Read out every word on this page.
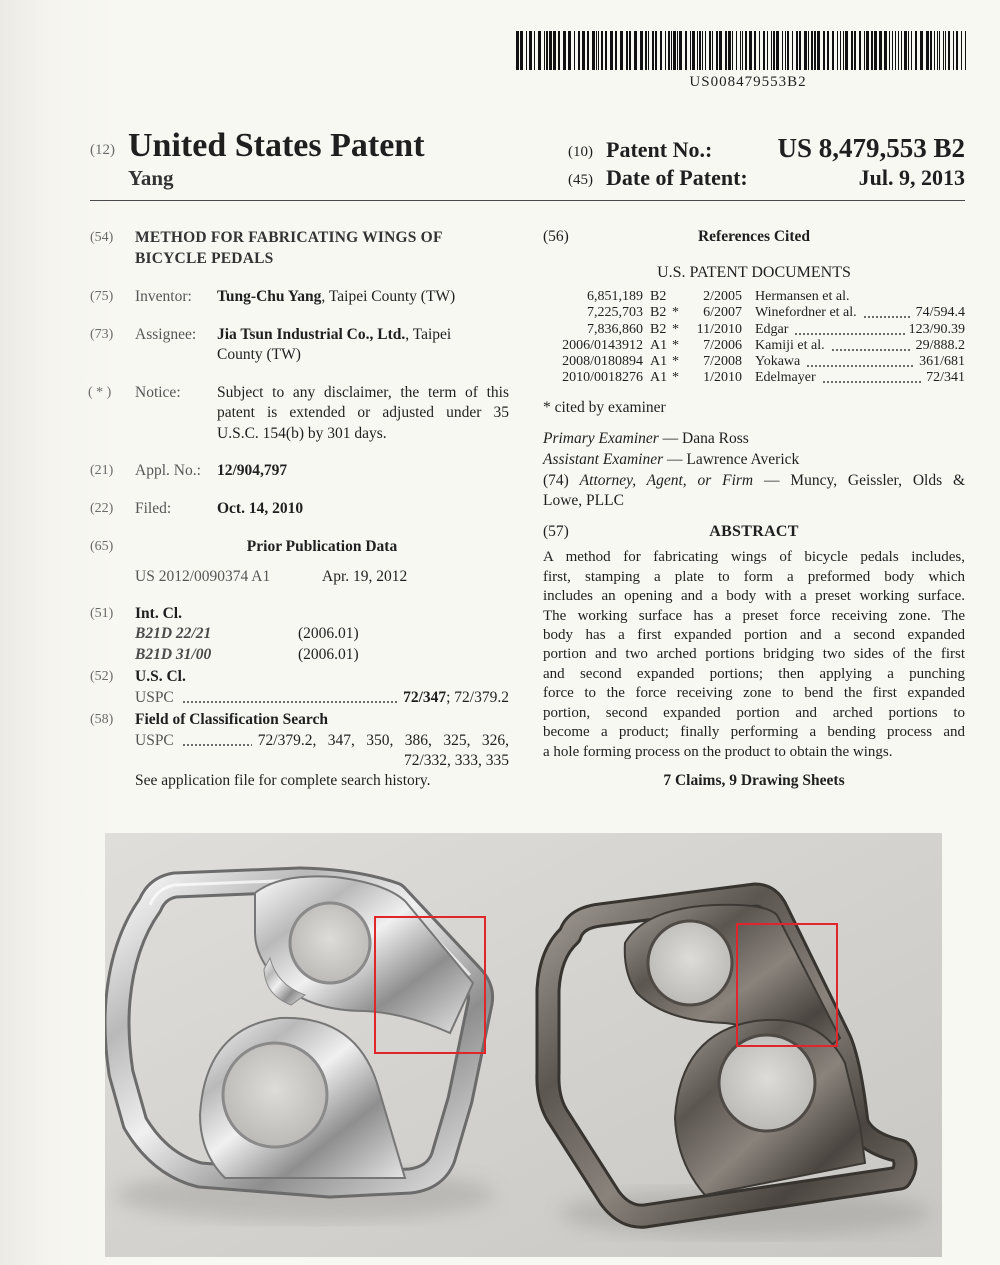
US008479553B2
(12) United States Patent
Yang
(10) Patent No.:	US 8,479,553 B2
(45) Date of Patent:	Jul. 9, 2013
(54) METHOD FOR FABRICATING WINGS OF
BICYCLE PEDALS
(75) Inventor: Tung-Chu Yang, Taipei County (TW)
(73) Assignee: Jia Tsun Industrial Co., Ltd., Taipei
County (TW)
( * ) Notice: Subject to any disclaimer, the term of this
patent is extended or adjusted under 35
U.S.C. 154(b) by 301 days.
(21) Appl. No.: 12/904,797
(22) Filed:	Oct. 14, 2010
(65)	Prior Publication Data
US 2012/0090374 A1	Apr. 19, 2012
(51) Int. Cl.
B21D 22/21	(2006.01)
B21D 31/00	(2006.01)
(52) U.S. Cl.
USPC	72/347; 72/379.2
(58) Field of Classification Search
USPC	72/379.2, 347, 350, 386, 325, 326,
72/332, 333, 335
See application file for complete search history.
(56)	References Cited
U.S. PATENT DOCUMENTS
6,851,189 B2	2/2005 Hermansen et al.
7,225,703 B2 *	6/2007 Winefordner et al.	74/594.4
7,836,860 B2 *	11/2010 Edgar	123/90.39
2006/0143912 A1 *	7/2006 Kamiji et al.	29/888.2
2008/0180894 A1 *	7/2008 Yokawa	361/681
2010/0018276 A1 *	1/2010 Edelmayer	72/341
* cited by examiner
Primary Examiner — Dana Ross
Assistant Examiner — Lawrence Averick
(74) Attorney, Agent, or Firm — Muncy, Geissler, Olds &
Lowe, PLLC
(57)	ABSTRACT
A method for fabricating wings of bicycle pedals includes,
first, stamping a plate to form a preformed body which
includes an opening and a body with a preset working surface.
The working surface has a preset force receiving zone. The
body has a first expanded portion and a second expanded
portion and two arched portions bridging two sides of the first
and second expanded portions; then applying a punching
force to the force receiving zone to bend the first expanded
portion, second expanded portion and arched portions to
become a product; finally performing a bending process and
a hole forming process on the product to obtain the wings.
7 Claims, 9 Drawing Sheets
